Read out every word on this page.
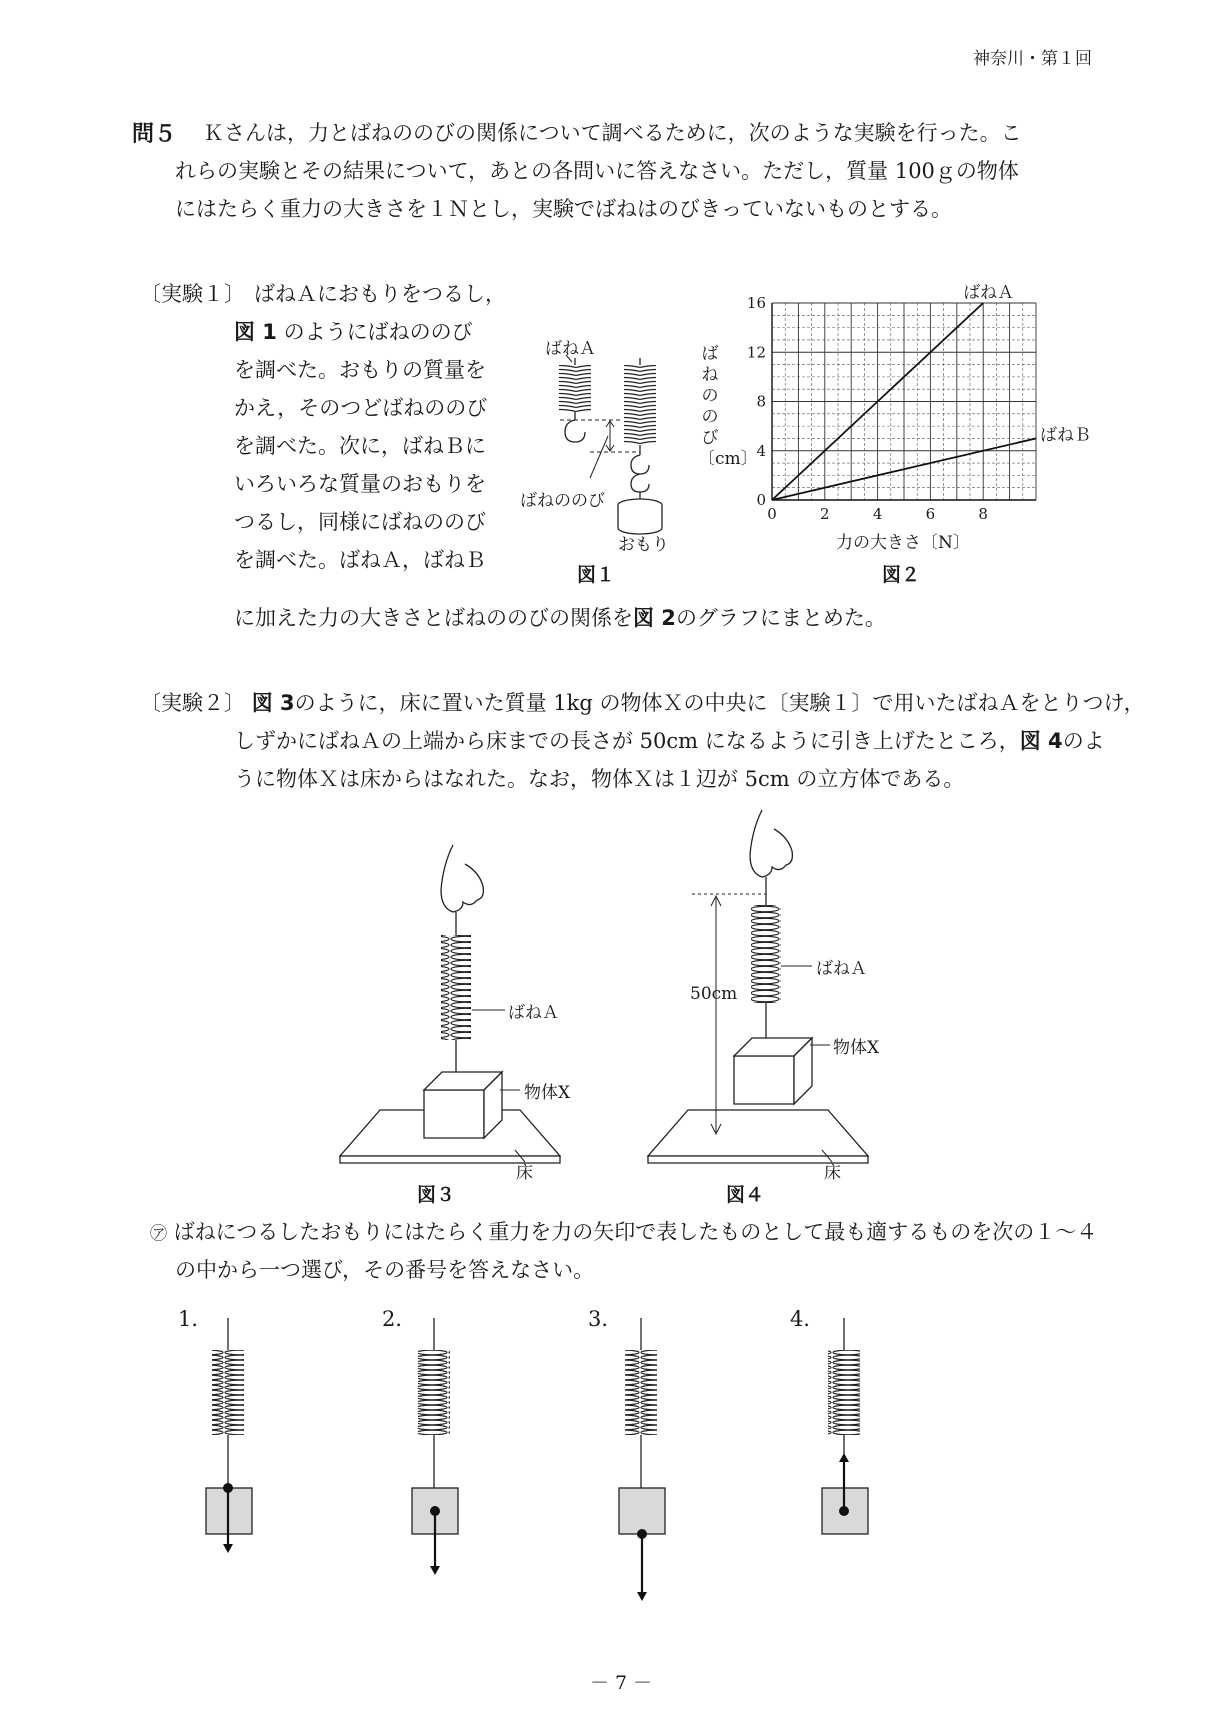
神奈川・第１回
問５ Ｋさんは，力とばねののびの関係について調べるために，次のような実験を行った。こ
れらの実験とその結果について，あとの各問いに答えなさい。ただし，質量 100ｇの物体
にはたらく重力の大きさを１Ｎとし，実験でばねはのびきっていないものとする。
〔実験１〕 ばねＡにおもりをつるし，
図 1 のようにばねののび
を調べた。おもりの質量を
かえ，そのつどばねののび
を調べた。次に，ばねＢに
いろいろな質量のおもりを
つるし，同様にばねののび
を調べた。ばねＡ，ばねＢ
に加えた力の大きさとばねののびの関係を図 2のグラフにまとめた。
ばねＡ
ばねののび
おもり
図１
0	2	4	6	8
0
4
8
12
16	ばねＡ
ばねＢ
ばねののび〔cm〕
力の大きさ〔N〕
図２
〔実験２〕 図 3のように，床に置いた質量 1kg の物体Ｘの中央に〔実験１〕で用いたばねＡをとりつけ，
しずかにばねＡの上端から床までの長さが 50cm になるように引き上げたところ，図 4のよ
うに物体Ｘは床からはなれた。なお，物体Ｘは１辺が 5cm の立方体である。
ばねＡ
物体X
床
図３
50cm
ばねＡ
物体X
床
図４
㋐ ばねにつるしたおもりにはたらく重力を力の矢印で表したものとして最も適するものを次の１～４
の中から一つ選び，その番号を答えなさい。
1．	2．	3．	4．
－ 7 －
